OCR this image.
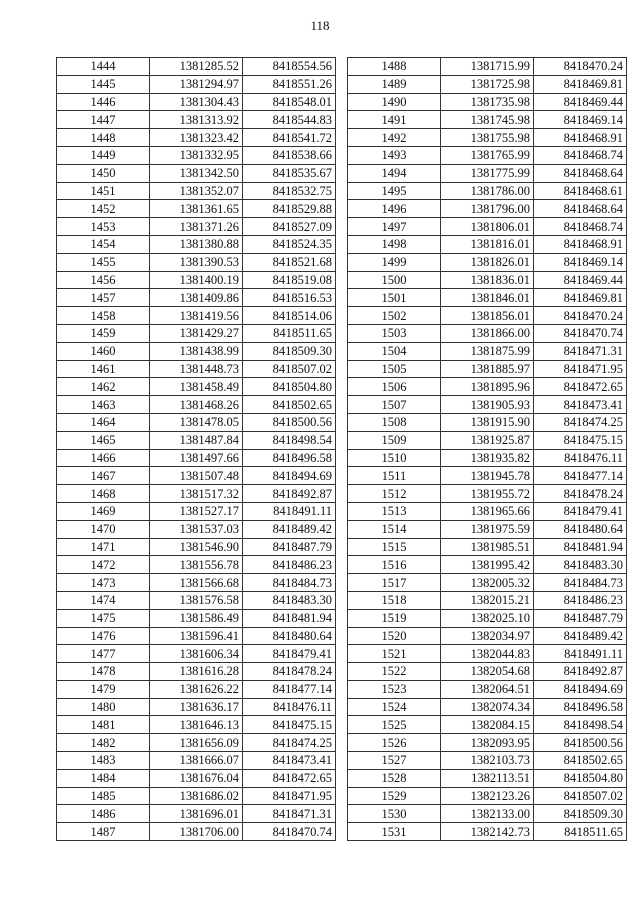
118
1444	1381285.52	8418554.56
1445	1381294.97	8418551.26
1446	1381304.43	8418548.01
1447	1381313.92	8418544.83
1448	1381323.42	8418541.72
1449	1381332.95	8418538.66
1450	1381342.50	8418535.67
1451	1381352.07	8418532.75
1452	1381361.65	8418529.88
1453	1381371.26	8418527.09
1454	1381380.88	8418524.35
1455	1381390.53	8418521.68
1456	1381400.19	8418519.08
1457	1381409.86	8418516.53
1458	1381419.56	8418514.06
1459	1381429.27	8418511.65
1460	1381438.99	8418509.30
1461	1381448.73	8418507.02
1462	1381458.49	8418504.80
1463	1381468.26	8418502.65
1464	1381478.05	8418500.56
1465	1381487.84	8418498.54
1466	1381497.66	8418496.58
1467	1381507.48	8418494.69
1468	1381517.32	8418492.87
1469	1381527.17	8418491.11
1470	1381537.03	8418489.42
1471	1381546.90	8418487.79
1472	1381556.78	8418486.23
1473	1381566.68	8418484.73
1474	1381576.58	8418483.30
1475	1381586.49	8418481.94
1476	1381596.41	8418480.64
1477	1381606.34	8418479.41
1478	1381616.28	8418478.24
1479	1381626.22	8418477.14
1480	1381636.17	8418476.11
1481	1381646.13	8418475.15
1482	1381656.09	8418474.25
1483	1381666.07	8418473.41
1484	1381676.04	8418472.65
1485	1381686.02	8418471.95
1486	1381696.01	8418471.31
1487	1381706.00	8418470.74
1488	1381715.99	8418470.24
1489	1381725.98	8418469.81
1490	1381735.98	8418469.44
1491	1381745.98	8418469.14
1492	1381755.98	8418468.91
1493	1381765.99	8418468.74
1494	1381775.99	8418468.64
1495	1381786.00	8418468.61
1496	1381796.00	8418468.64
1497	1381806.01	8418468.74
1498	1381816.01	8418468.91
1499	1381826.01	8418469.14
1500	1381836.01	8418469.44
1501	1381846.01	8418469.81
1502	1381856.01	8418470.24
1503	1381866.00	8418470.74
1504	1381875.99	8418471.31
1505	1381885.97	8418471.95
1506	1381895.96	8418472.65
1507	1381905.93	8418473.41
1508	1381915.90	8418474.25
1509	1381925.87	8418475.15
1510	1381935.82	8418476.11
1511	1381945.78	8418477.14
1512	1381955.72	8418478.24
1513	1381965.66	8418479.41
1514	1381975.59	8418480.64
1515	1381985.51	8418481.94
1516	1381995.42	8418483.30
1517	1382005.32	8418484.73
1518	1382015.21	8418486.23
1519	1382025.10	8418487.79
1520	1382034.97	8418489.42
1521	1382044.83	8418491.11
1522	1382054.68	8418492.87
1523	1382064.51	8418494.69
1524	1382074.34	8418496.58
1525	1382084.15	8418498.54
1526	1382093.95	8418500.56
1527	1382103.73	8418502.65
1528	1382113.51	8418504.80
1529	1382123.26	8418507.02
1530	1382133.00	8418509.30
1531	1382142.73	8418511.65
